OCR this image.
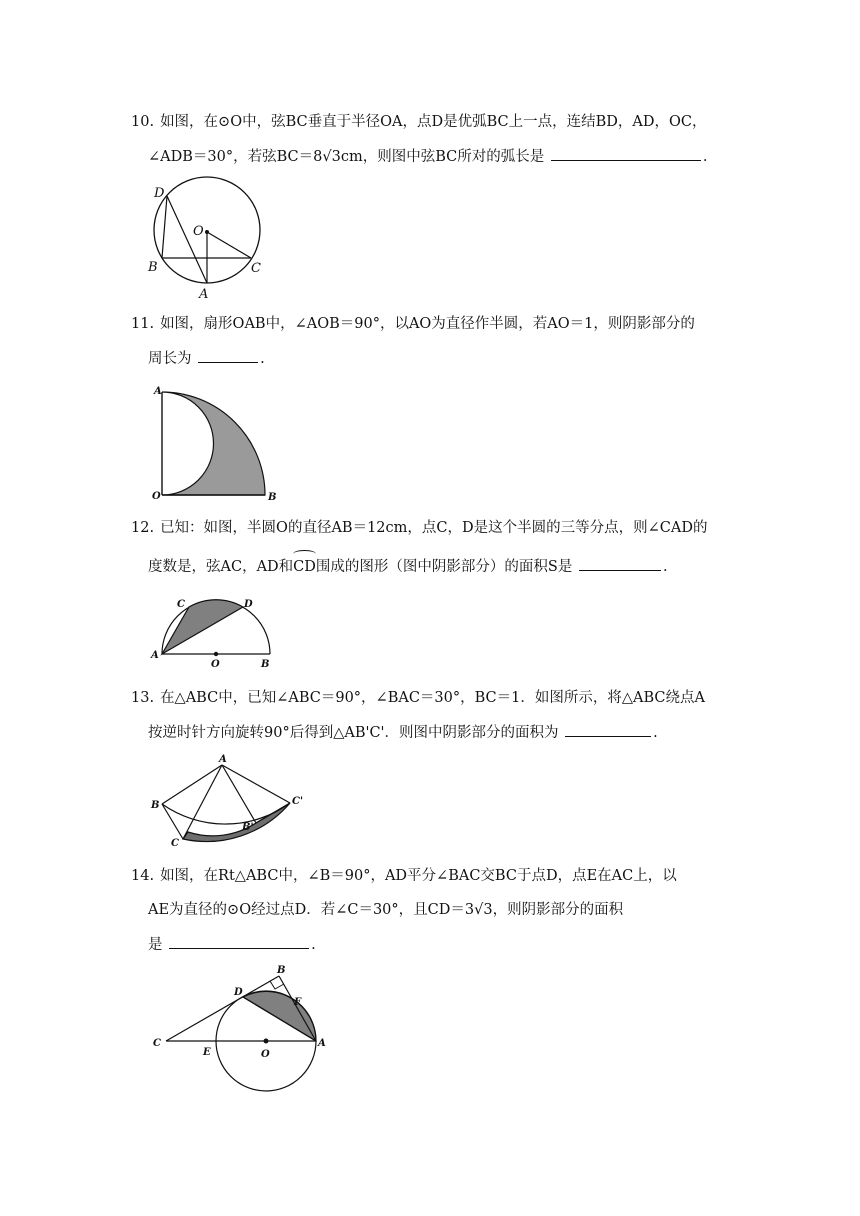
10. 如图，在⊙O中，弦BC垂直于半径OA，点D是优弧BC上一点，连结BD，AD，OC，
∠ADB＝30°，若弦BC＝8√3cm，则图中弦BC所对的弧长是	.
D
O
B	C
A
11. 如图，扇形OAB中，∠AOB＝90°，以AO为直径作半圆，若AO＝1，则阴影部分的
周长为	.
A
O	B
12. 已知：如图，半圆O的直径AB＝12cm，点C，D是这个半圆的三等分点，则∠CAD的
度数是，弦AC，AD和
CD围成的图形（图中阴影部分）的面积S是	.
C	D
A
O	B
13. 在△ABC中，已知∠ABC＝90°，∠BAC＝30°，BC＝1．如图所示，将△ABC绕点A
按逆时针方向旋转90°后得到△AB'C'．则图中阴影部分的面积为	.
A
B
C
B'
C'
14. 如图，在Rt△ABC中，∠B＝90°，AD平分∠BAC交BC于点D，点E在AC上，以
AE为直径的⊙O经过点D．若∠C＝30°，且CD＝3√3，则阴影部分的面积
是	.
B
D
F
C
E	O
A
